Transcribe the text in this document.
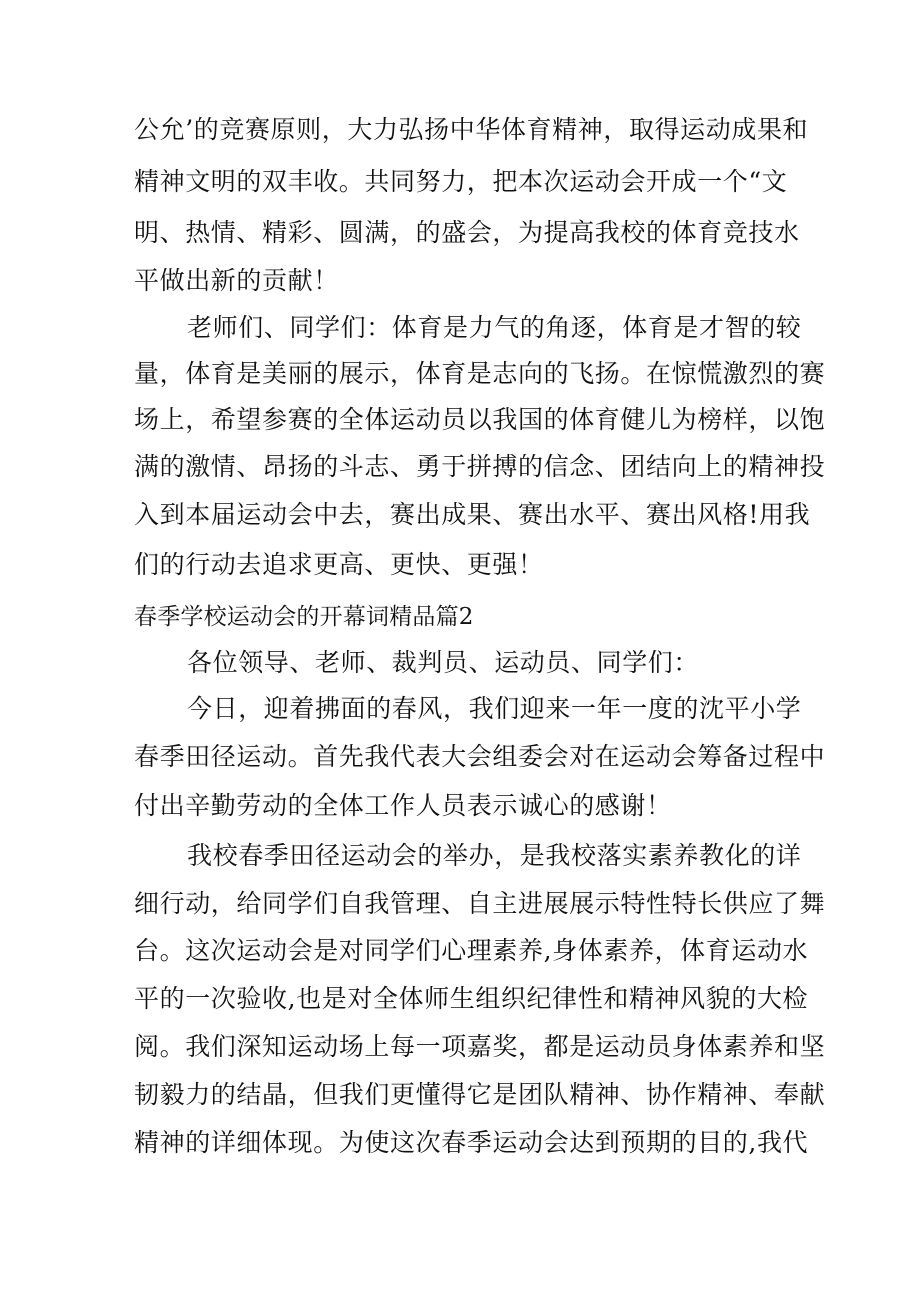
公允’的竞赛原则，大力弘扬中华体育精神，取得运动成果和

精神文明的双丰收。共同努力，把本次运动会开成一个“文

明、热情、精彩、圆满，的盛会，为提高我校的体育竞技水

平做出新的贡献！

老师们、同学们：体育是力气的角逐，体育是才智的较

量，体育是美丽的展示，体育是志向的飞扬。在惊慌激烈的赛

场上，希望参赛的全体运动员以我国的体育健儿为榜样，以饱

满的激情、昂扬的斗志、勇于拼搏的信念、团结向上的精神投

入到本届运动会中去，赛出成果、赛出水平、赛出风格!用我

们的行动去追求更高、更快、更强！

春季学校运动会的开幕词精品篇2

各位领导、老师、裁判员、运动员、同学们：

今日，迎着拂面的春风，我们迎来一年一度的沈平小学

春季田径运动。首先我代表大会组委会对在运动会筹备过程中

付出辛勤劳动的全体工作人员表示诚心的感谢！

我校春季田径运动会的举办，是我校落实素养教化的详

细行动，给同学们自我管理、自主进展展示特性特长供应了舞

台。这次运动会是对同学们心理素养,身体素养，体育运动水

平的一次验收,也是对全体师生组织纪律性和精神风貌的大检

阅。我们深知运动场上每一项嘉奖，都是运动员身体素养和坚

韧毅力的结晶，但我们更懂得它是团队精神、协作精神、奉献

精神的详细体现。为使这次春季运动会达到预期的目的,我代
